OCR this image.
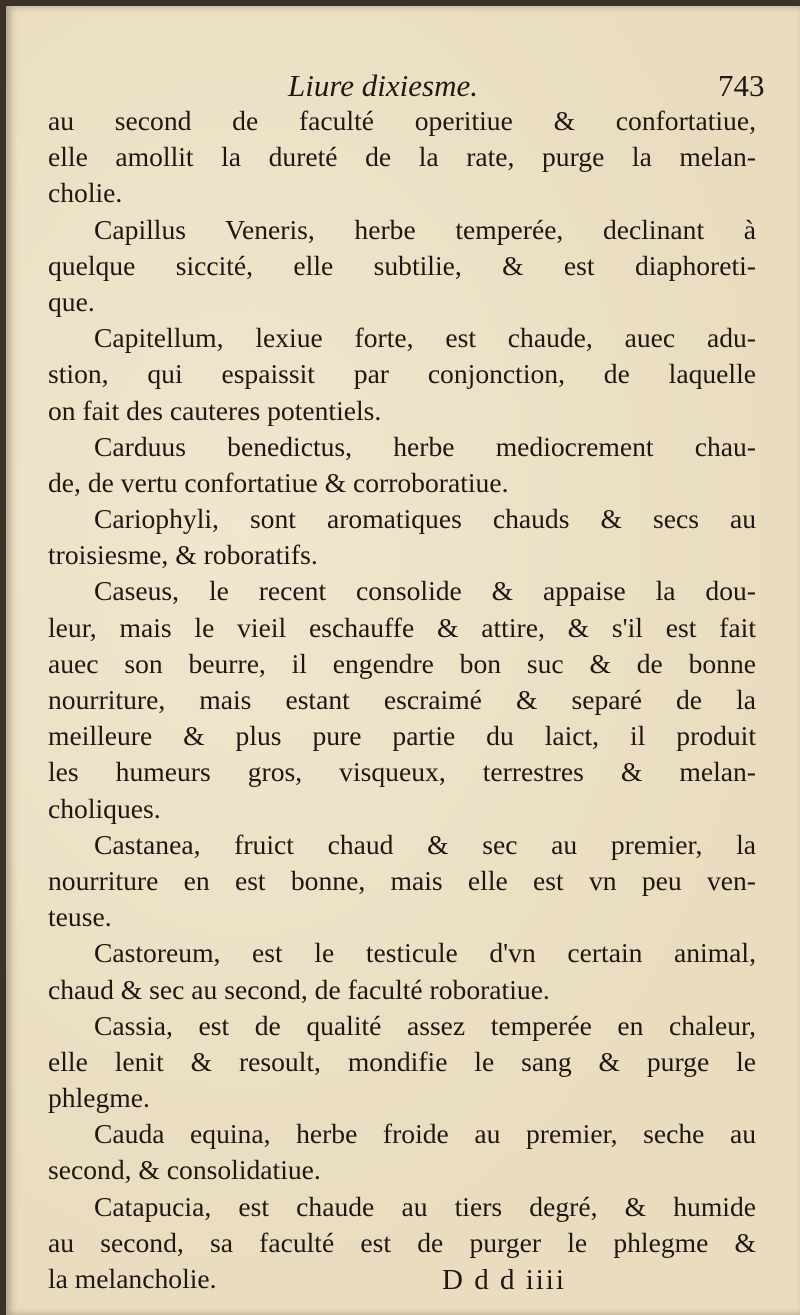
Liure dixiesme.	743
au second de faculté operitiue & confortatiue,
elle amollit la dureté de la rate, purge la melan-
cholie.
Capillus Veneris, herbe temperée, declinant à
quelque siccité, elle subtilie, & est diaphoreti-
que.
Capitellum, lexiue forte, est chaude, auec adu-
stion, qui espaissit par conjonction, de laquelle
on fait des cauteres potentiels.
Carduus benedictus, herbe mediocrement chau-
de, de vertu confortatiue & corroboratiue.
Cariophyli, sont aromatiques chauds & secs au
troisiesme, & roboratifs.
Caseus, le recent consolide & appaise la dou-
leur, mais le vieil eschauffe & attire, & s'il est fait
auec son beurre, il engendre bon suc & de bonne
nourriture, mais estant escraimé & separé de la
meilleure & plus pure partie du laict, il produit
les humeurs gros, visqueux, terrestres & melan-
choliques.
Castanea, fruict chaud & sec au premier, la
nourriture en est bonne, mais elle est vn peu ven-
teuse.
Castoreum, est le testicule d'vn certain animal,
chaud & sec au second, de faculté roboratiue.
Cassia, est de qualité assez temperée en chaleur,
elle lenit & resoult, mondifie le sang & purge le
phlegme.
Cauda equina, herbe froide au premier, seche au
second, & consolidatiue.
Catapucia, est chaude au tiers degré, & humide
au second, sa faculté est de purger le phlegme &
la melancholie.	D d d iiii
